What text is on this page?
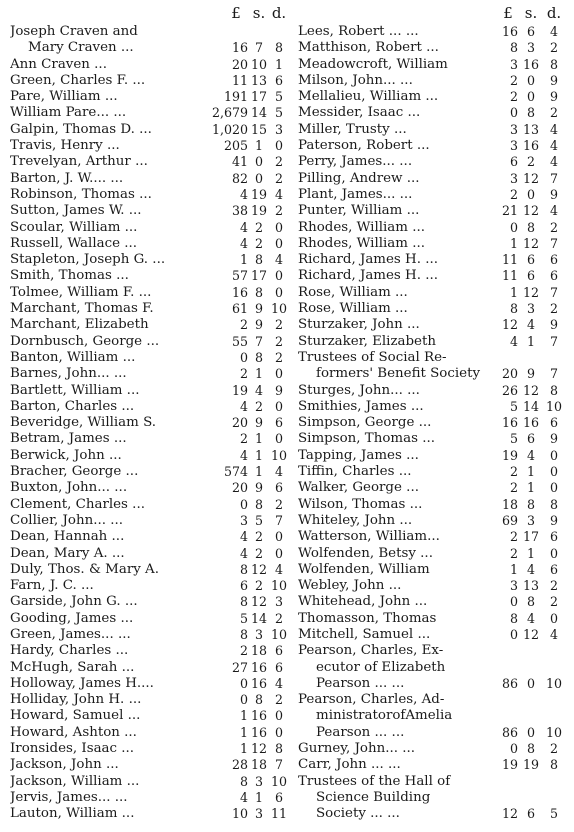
£ s. d.
Joseph Craven and
Mary Craven ...	16 7 8
Ann Craven ...	20 10 1
Green, Charles F. ...	11 13 6
Pare, William ...	191 17 5
William Pare... ...	2,679 14 5
Galpin, Thomas D. ...	1,020 15 3
Travis, Henry ...	205 1 0
Trevelyan, Arthur ...	41 0 2
Barton, J. W.... ...	82 0 2
Robinson, Thomas ...	4 19 4
Sutton, James W. ...	38 19 2
Scoular, William ...	4 2 0
Russell, Wallace ...	4 2 0
Stapleton, Joseph G. ...	1 8 4
Smith, Thomas ...	57 17 0
Tolmee, William F. ...	16 8 0
Marchant, Thomas F.	61 9 10
Marchant, Elizabeth	2 9 2
Dornbusch, George ...	55 7 2
Banton, William ...	0 8 2
Barnes, John... ...	2 1 0
Bartlett, William ...	19 4 9
Barton, Charles ...	4 2 0
Beveridge, William S.	20 9 6
Betram, James ...	2 1 0
Berwick, John ...	4 1 10
Bracher, George ...	574 1 4
Buxton, John... ...	20 9 6
Clement, Charles ...	0 8 2
Collier, John... ...	3 5 7
Dean, Hannah ...	4 2 0
Dean, Mary A. ...	4 2 0
Duly, Thos. & Mary A.	8 12 4
Farn, J. C. ...	6 2 10
Garside, John G. ...	8 12 3
Gooding, James ...	5 14 2
Green, James... ...	8 3 10
Hardy, Charles ...	2 18 6
McHugh, Sarah ...	27 16 6
Holloway, James H....	0 16 4
Holliday, John H. ...	0 8 2
Howard, Samuel ...	1 16 0
Howard, Ashton ...	1 16 0
Ironsides, Isaac ...	1 12 8
Jackson, John ...	28 18 7
Jackson, William ...	8 3 10
Jervis, James... ...	4 1 6
Lauton, William ...	10 3 11
£ s. d.
Lees, Robert ... ...	16 6	4
Matthison, Robert ...	8 3	2
Meadowcroft, William	3 16 8
Milson, John... ...	2 0	9
Mellalieu, William ...	2 0	9
Messider, Isaac ...	0 8	2
Miller, Trusty ...	3 13 4
Paterson, Robert ...	3 16 4
Perry, James... ...	6 2	4
Pilling, Andrew ...	3 12 7
Plant, James... ...	2 0	9
Punter, William ...	21 12 4
Rhodes, William ...	0 8	2
Rhodes, William ...	1 12 7
Richard, James H. ...	11 6	6
Richard, James H. ...	11 6	6
Rose, William ...	1 12 7
Rose, William ...	8 3	2
Sturzaker, John ...	12 4	9
Sturzaker, Elizabeth	4 1	7
Trustees of Social Re-
formers' Benefit Society	20 9	7
Sturges, John... ...	26 12 8
Smithies, James ...	5 14 10
Simpson, George ...	16 16 6
Simpson, Thomas ...	5 6	9
Tapping, James ...	19 4	0
Tiffin, Charles ...	2 1	0
Walker, George ...	2 1	0
Wilson, Thomas ...	18 8	8
Whiteley, John ...	69 3	9
Watterson, William...	2 17 6
Wolfenden, Betsy ...	2 1	0
Wolfenden, William	1 4	6
Webley, John ...	3 13 2
Whitehead, John ...	0 8	2
Thomasson, Thomas	8 4	0
Mitchell, Samuel ...	0 12 4
Pearson, Charles, Ex-
ecutor of Elizabeth
Pearson ... ...	86 0 10
Pearson, Charles, Ad-
ministratorofAmelia
Pearson ... ...	86 0 10
Gurney, John... ...	0 8	2
Carr, John ... ...	19 19 8
Trustees of the Hall of
Science Building
Society ... ...	12 6	5
